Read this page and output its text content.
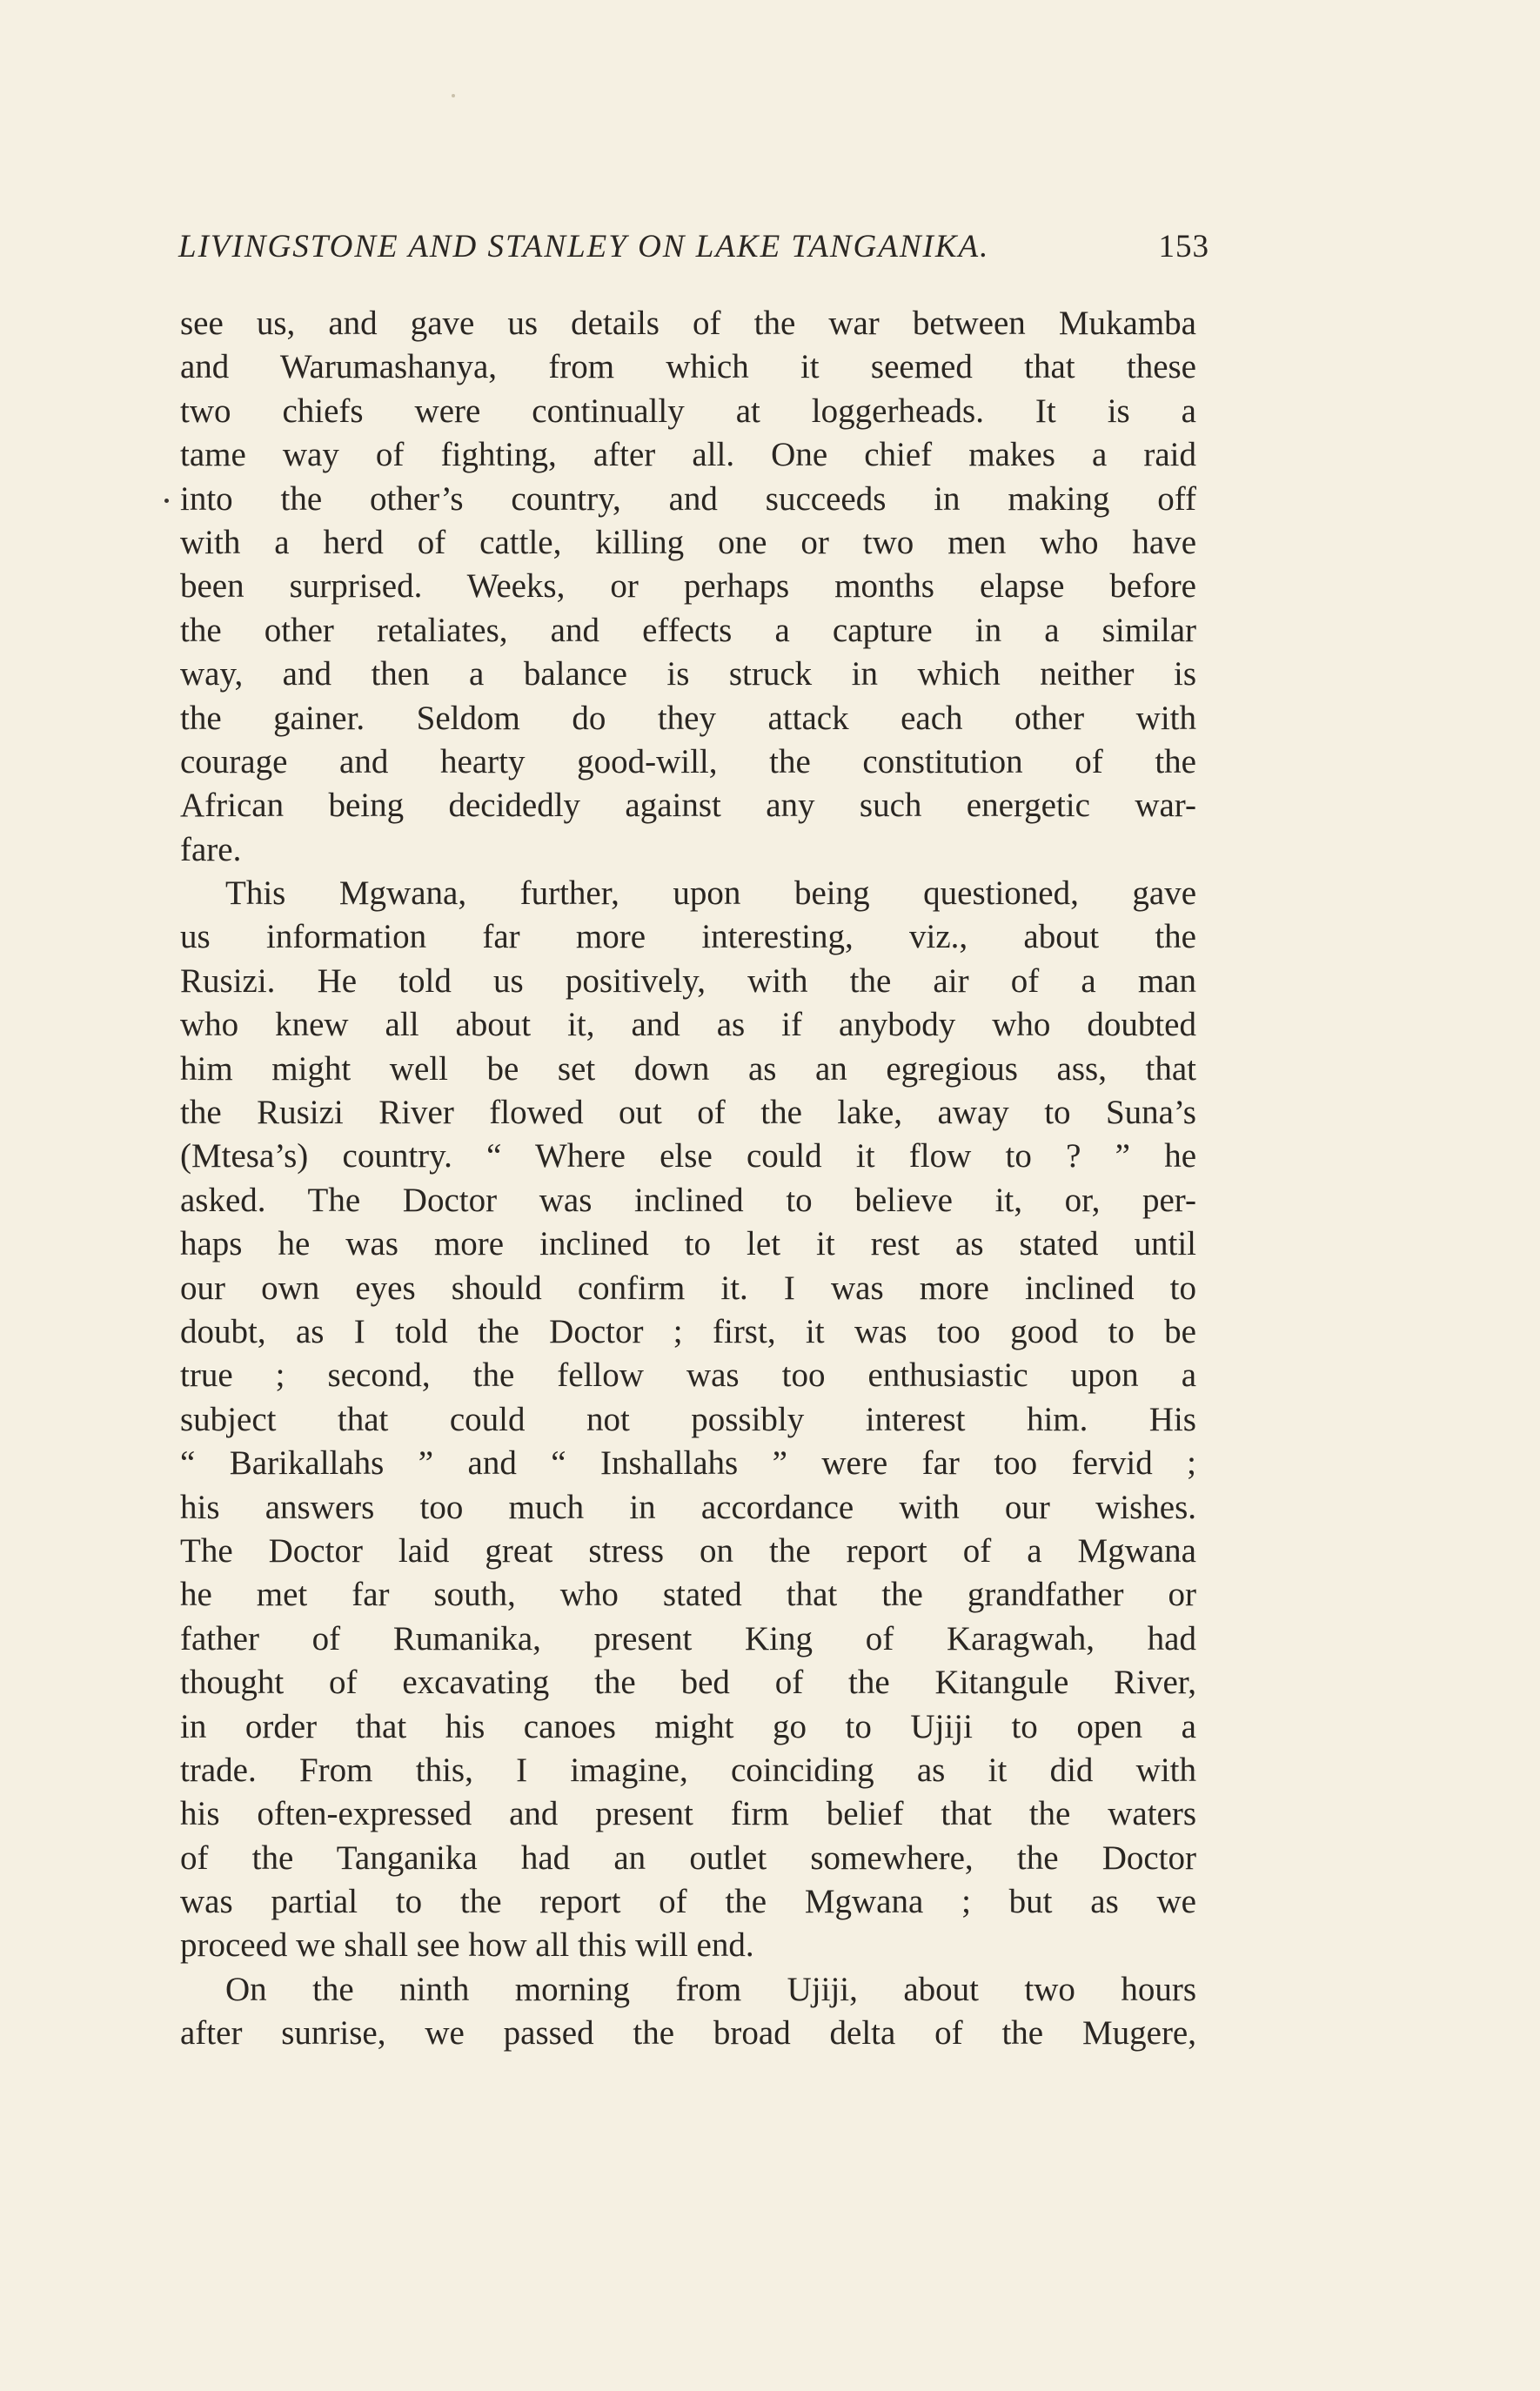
LIVINGSTONE AND STANLEY ON LAKE TANGANIKA.	153
see us, and gave us details of the war between Mukamba
and Warumashanya, from which it seemed that these
two chiefs were continually at loggerheads. It is a
tame way of fighting, after all. One chief makes a raid
into the other’s country, and succeeds in making off
with a herd of cattle, killing one or two men who have
been surprised. Weeks, or perhaps months elapse before
the other retaliates, and effects a capture in a similar
way, and then a balance is struck in which neither is
the gainer. Seldom do they attack each other with
courage and hearty good-will, the constitution of the
African being decidedly against any such energetic war-
fare.
This Mgwana, further, upon being questioned, gave
us information far more interesting, viz., about the
Rusizi. He told us positively, with the air of a man
who knew all about it, and as if anybody who doubted
him might well be set down as an egregious ass, that
the Rusizi River flowed out of the lake, away to Suna’s
(Mtesa’s) country. “ Where else could it flow to ? ” he
asked. The Doctor was inclined to believe it, or, per-
haps he was more inclined to let it rest as stated until
our own eyes should confirm it. I was more inclined to
doubt, as I told the Doctor ; first, it was too good to be
true ; second, the fellow was too enthusiastic upon a
subject that could not possibly interest him. His
“ Barikallahs ” and “ Inshallahs ” were far too fervid ;
his answers too much in accordance with our wishes.
The Doctor laid great stress on the report of a Mgwana
he met far south, who stated that the grandfather or
father of Rumanika, present King of Karagwah, had
thought of excavating the bed of the Kitangule River,
in order that his canoes might go to Ujiji to open a
trade. From this, I imagine, coinciding as it did with
his often-expressed and present firm belief that the waters
of the Tanganika had an outlet somewhere, the Doctor
was partial to the report of the Mgwana ; but as we
proceed we shall see how all this will end.
On the ninth morning from Ujiji, about two hours
after sunrise, we passed the broad delta of the Mugere,
